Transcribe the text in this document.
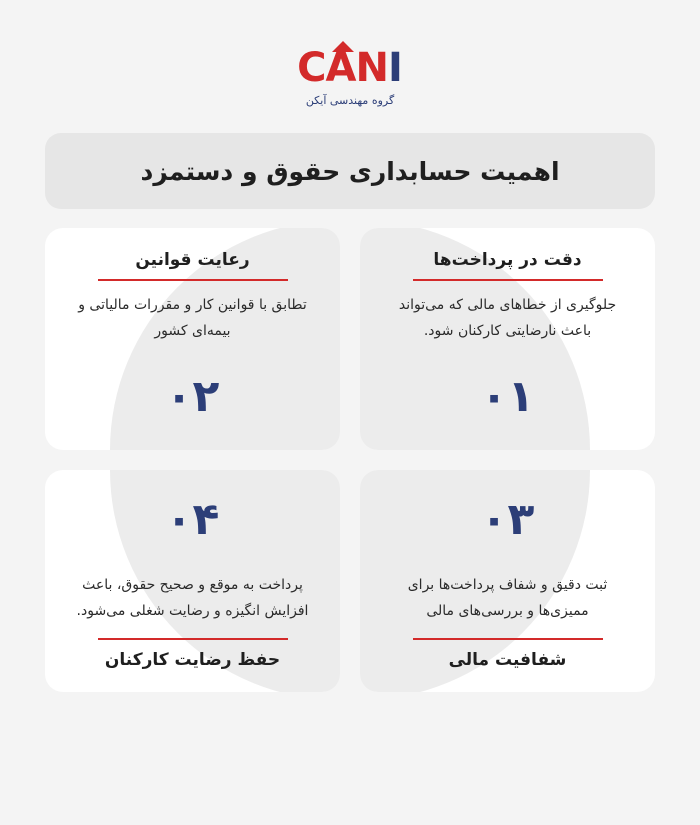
I
CAN
گروه مهندسی آیکن
اهمیت حسابداری حقوق و دستمزد
دقت در پرداخت‌ها
جلوگیری از خطاهای مالی که می‌تواند باعث نارضایتی کارکنان شود.
۰۱
رعایت قوانین
تطابق با قوانین کار و مقررات مالیاتی و بیمه‌ای کشور
۰۲
۰۳
ثبت دقیق و شفاف پرداخت‌ها برای ممیزی‌ها و بررسی‌های مالی
شفافیت مالی
۰۴
پرداخت به موقع و صحیح حقوق، باعث افزایش انگیزه و رضایت شغلی می‌شود.
حفظ رضایت کارکنان
